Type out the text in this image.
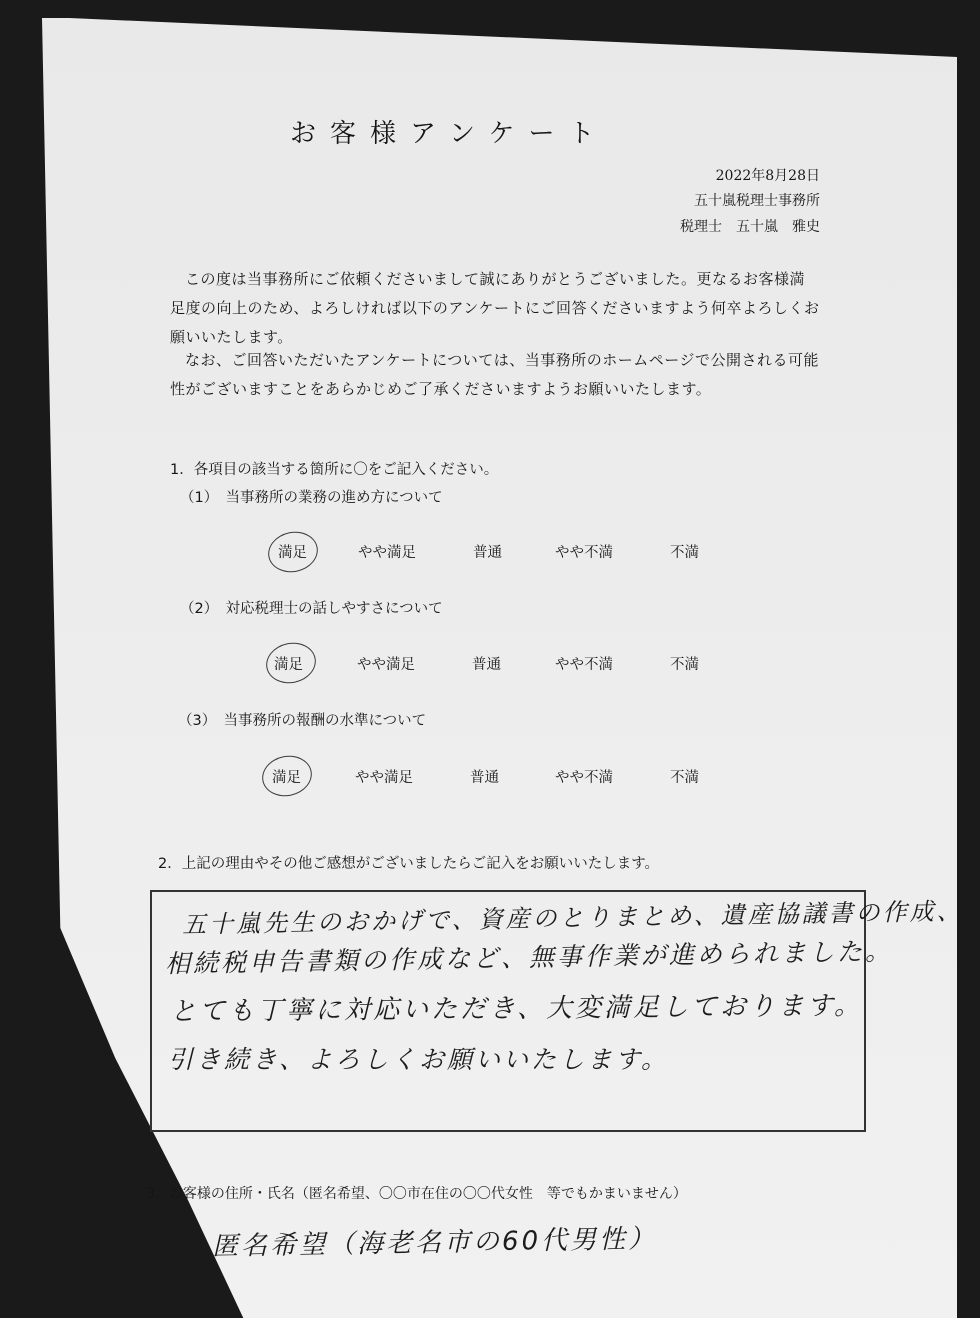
お客様アンケート
2022年8月28日
五十嵐税理士事務所
税理士　五十嵐　雅史
この度は当事務所にご依頼くださいまして誠にありがとうございました。更なるお客様満足度の向上のため、よろしければ以下のアンケートにご回答くださいますよう何卒よろしくお願いいたします。
なお、ご回答いただいたアンケートについては、当事務所のホームページで公開される可能性がございますことをあらかじめご了承くださいますようお願いいたします。
1．各項目の該当する箇所に〇をご記入ください。
（1）　当事務所の業務の進め方について
満足	やや満足	普通	やや不満	不満
（2）　対応税理士の話しやすさについて
満足	やや満足	普通	やや不満	不満
（3）　当事務所の報酬の水準について
満足	やや満足	普通	やや不満	不満
2．上記の理由やその他ご感想がございましたらご記入をお願いいたします。
五十嵐先生のおかげで、資産のとりまとめ、遺産協議書の作成、
相続税申告書類の作成など、無事作業が進められました。
とても丁寧に対応いただき、大変満足しております。
引き続き、よろしくお願いいたします。
3．お客様の住所・氏名（匿名希望、〇〇市在住の〇〇代女性　等でもかまいません）
匿名希望（海老名市の60代男性）
